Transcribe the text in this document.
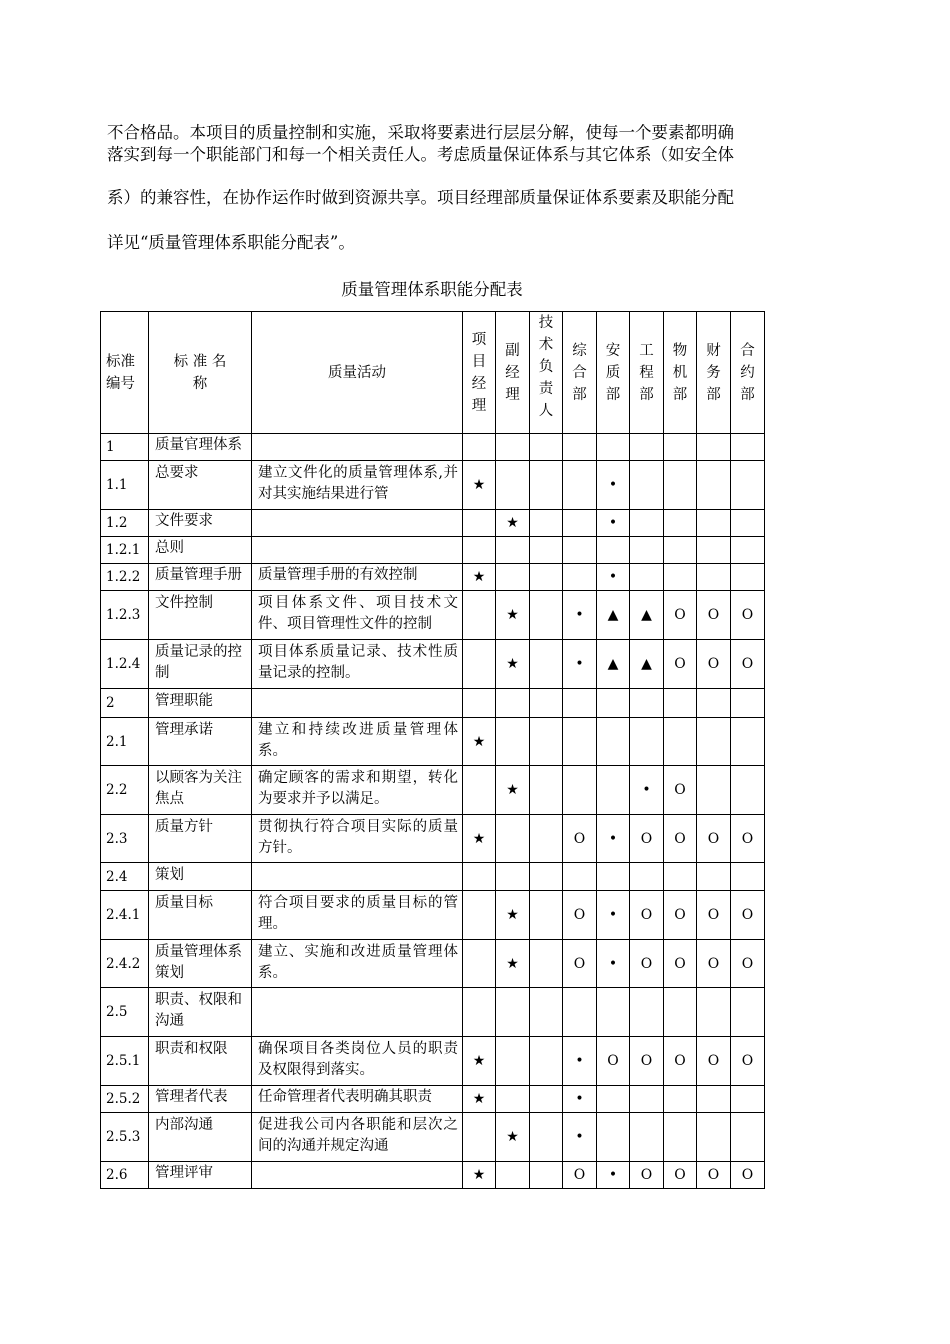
不合格品。本项目的质量控制和实施，采取将要素进行层层分解，使每一个要素都明确
落实到每一个职能部门和每一个相关责任人。考虑质量保证体系与其它体系（如安全体
系）的兼容性，在协作运作时做到资源共享。项目经理部质量保证体系要素及职能分配
详见“质量管理体系职能分配表”。
质量管理体系职能分配表
标准编号	标 准 名 称	质量活动	项目经理	副经理	技术负责人	综合部	安质部	工程部	物机部	财务部	合约部
1	质量官理体系										

1.1	总要求	建立文件化的质量管理体系,并对其实施结果进行管	★				•				
1.2	文件要求			★			•				
1.2.1	总则										

1.2.2	质量管理手册	质量管理手册的有效控制	★				•				
1.2.3	文件控制	项目体系文件、项目技术文件、项目管理性文件的控制		★		•	▲	▲	O	O	O
1.2.4	质量记录的控制	项目体系质量记录、技术性质量记录的控制。		★		•	▲	▲	O	O	O
2	管理职能										

2.1	管理承诺	建立和持续改进质量管理体系。	★								
2.2	以顾客为关注焦点	确定顾客的需求和期望，转化为要求并予以满足。		★				•	O		
2.3	质量方针	贯彻执行符合项目实际的质量方针。	★			O	•	O	O	O	O
2.4	策划										

2.4.1	质量目标	符合项目要求的质量目标的管理。		★		O	•	O	O	O	O
2.4.2	质量管理体系策划	建立、实施和改进质量管理体系。		★		O	•	O	O	O	O
2.5	职责、权限和沟通										

2.5.1	职责和权限	确保项目各类岗位人员的职责及权限得到落实。	★			•	O	O	O	O	O
2.5.2	管理者代表	任命管理者代表明确其职责	★			•					
2.5.3	内部沟通	促进我公司内各职能和层次之间的沟通并规定沟通		★		•					
2.6	管理评审		★			O	•	O	O	O	O
